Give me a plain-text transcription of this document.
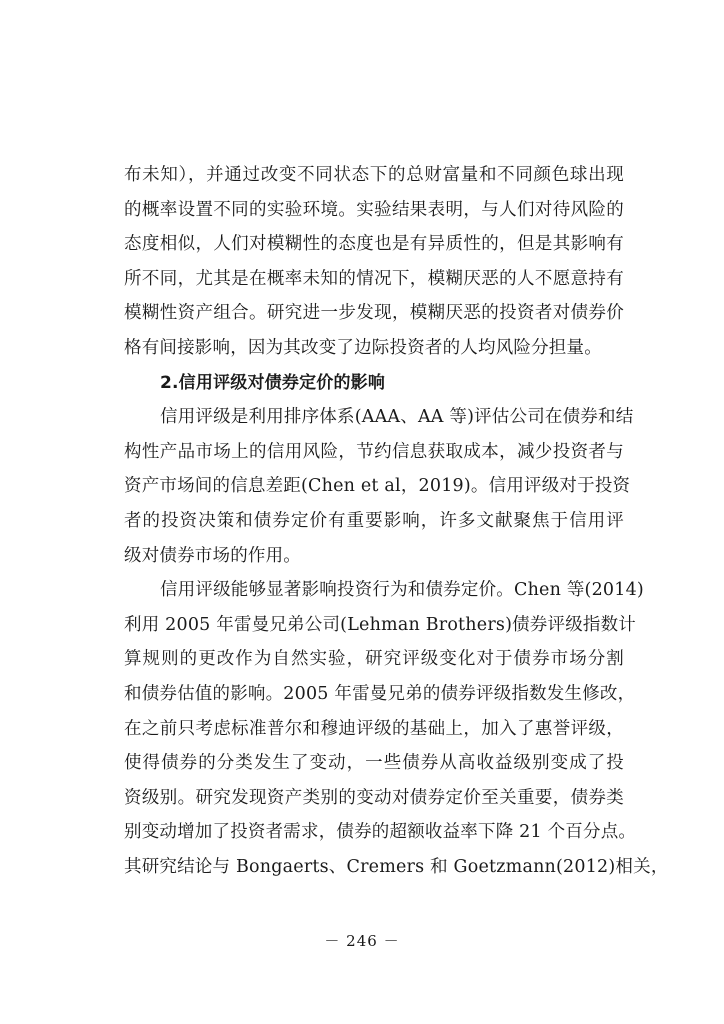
布未知），并通过改变不同状态下的总财富量和不同颜色球出现
的概率设置不同的实验环境。实验结果表明，与人们对待风险的
态度相似，人们对模糊性的态度也是有异质性的，但是其影响有
所不同，尤其是在概率未知的情况下，模糊厌恶的人不愿意持有
模糊性资产组合。研究进一步发现，模糊厌恶的投资者对债券价
格有间接影响，因为其改变了边际投资者的人均风险分担量。
2.信用评级对债券定价的影响
信用评级是利用排序体系(AAA、AA 等)评估公司在债券和结
构性产品市场上的信用风险，节约信息获取成本，减少投资者与
资产市场间的信息差距(Chen et al，2019)。信用评级对于投资
者的投资决策和债券定价有重要影响，许多文献聚焦于信用评
级对债券市场的作用。
信用评级能够显著影响投资行为和债券定价。Chen 等(2014)
利用 2005 年雷曼兄弟公司(Lehman Brothers)债券评级指数计
算规则的更改作为自然实验，研究评级变化对于债券市场分割
和债券估值的影响。2005 年雷曼兄弟的债券评级指数发生修改，
在之前只考虑标准普尔和穆迪评级的基础上，加入了惠誉评级，
使得债券的分类发生了变动，一些债券从高收益级别变成了投
资级别。研究发现资产类别的变动对债券定价至关重要，债券类
别变动增加了投资者需求，债券的超额收益率下降 21 个百分点。
其研究结论与 Bongaerts、Cremers 和 Goetzmann(2012)相关，
－ 246 －
